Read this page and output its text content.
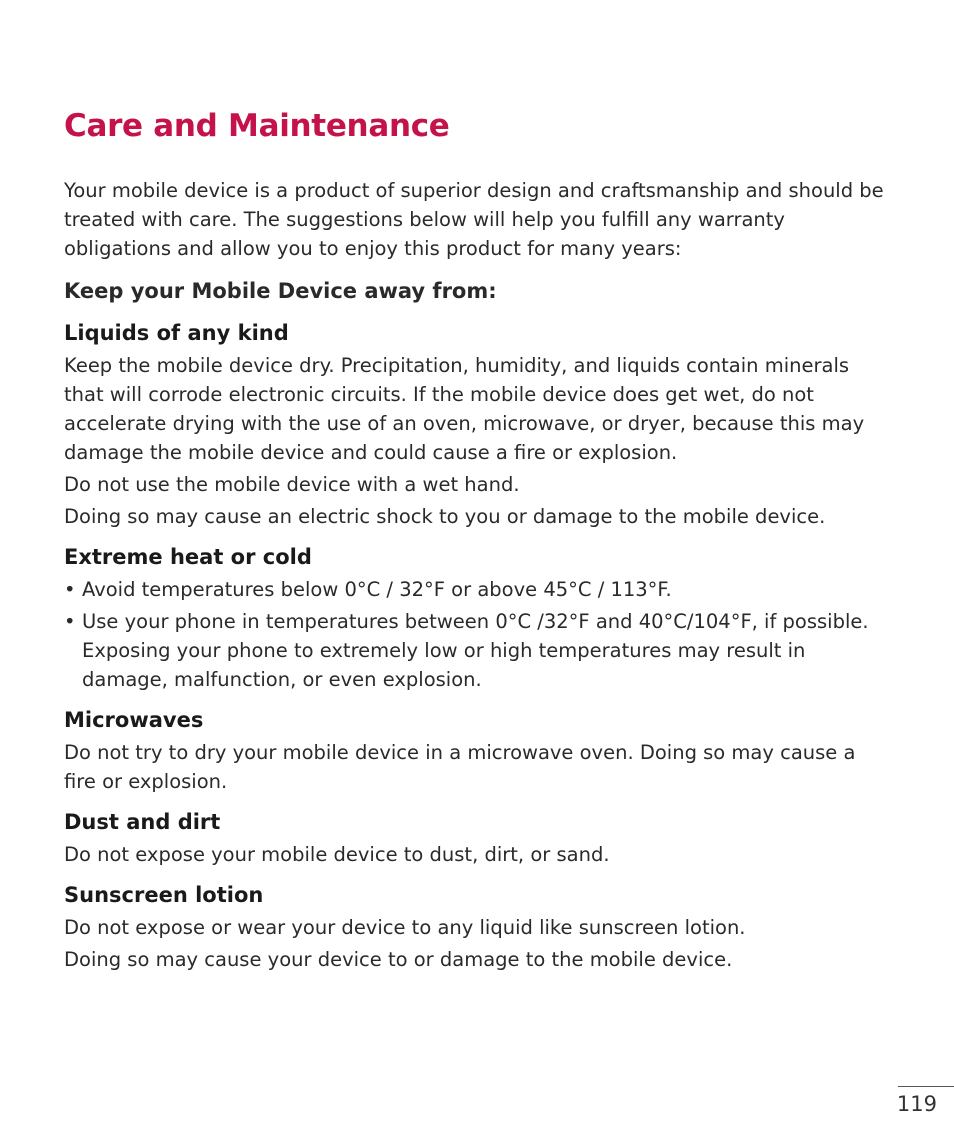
Care and Maintenance

Your mobile device is a product of superior design and craftsmanship and should be treated with care. The suggestions below will help you fulfill any warranty obligations and allow you to enjoy this product for many years:

Keep your Mobile Device away from:
Liquids of any kind

Keep the mobile device dry. Precipitation, humidity, and liquids contain minerals that will corrode electronic circuits. If the mobile device does get wet, do not accelerate drying with the use of an oven, microwave, or dryer, because this may damage the mobile device and could cause a fire or explosion.

Do not use the mobile device with a wet hand.

Doing so may cause an electric shock to you or damage to the mobile device.

Extreme heat or cold
• Avoid temperatures below 0°C / 32°F or above 45°C / 113°F.
• Use your phone in temperatures between 0°C /32°F and 40°C/104°F, if possible. Exposing your phone to extremely low or high temperatures may result in damage, malfunction, or even explosion.
Microwaves

Do not try to dry your mobile device in a microwave oven. Doing so may cause a fire or explosion.

Dust and dirt

Do not expose your mobile device to dust, dirt, or sand.

Sunscreen lotion

Do not expose or wear your device to any liquid like sunscreen lotion.

Doing so may cause your device to or damage to the mobile device.

119
